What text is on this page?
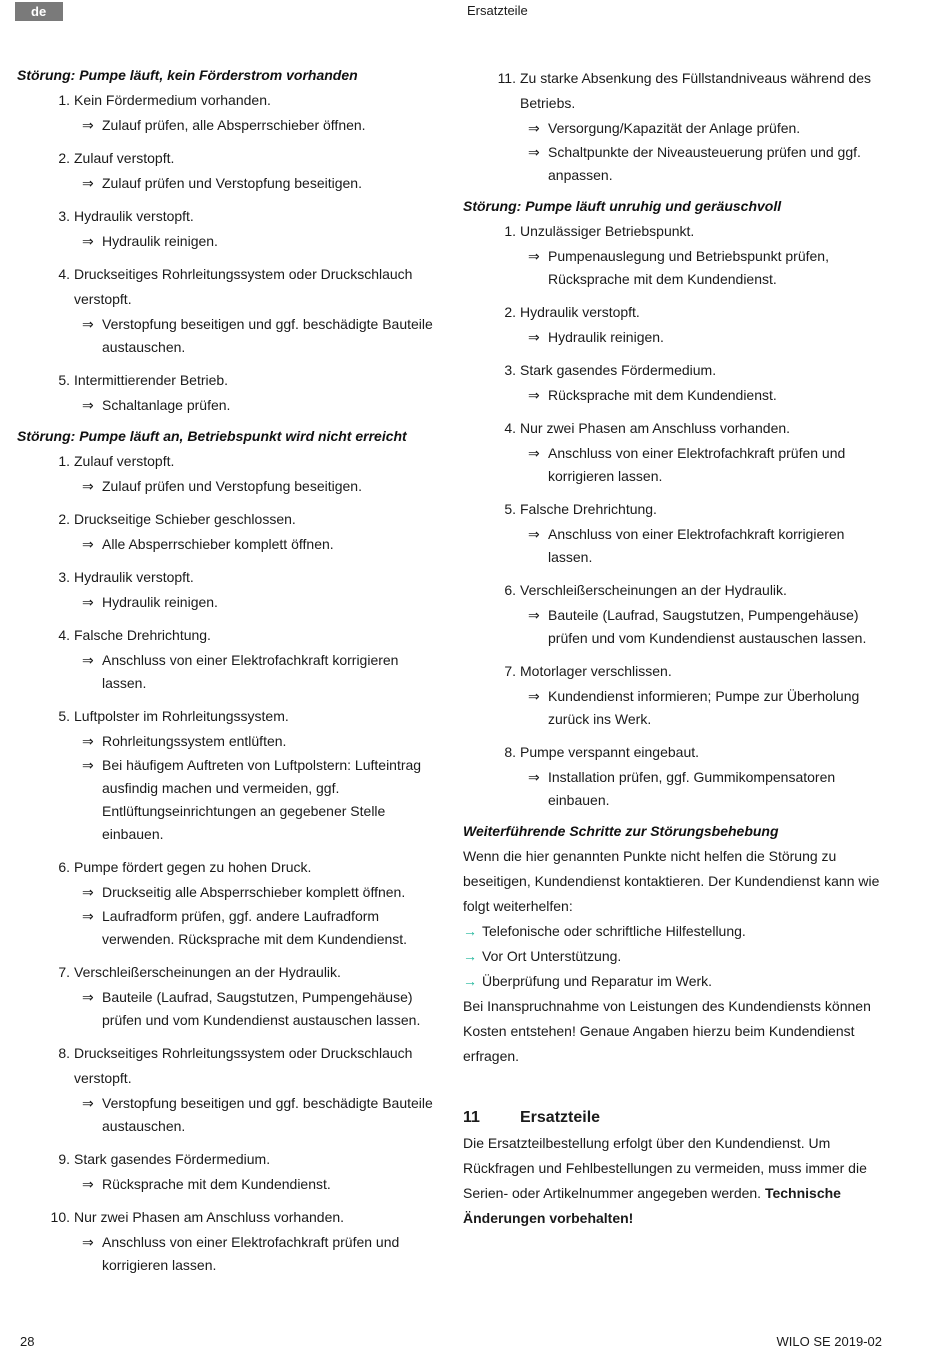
de	Ersatzteile
Störung: Pumpe läuft, kein Förderstrom vorhanden
1. Kein Fördermedium vorhanden.
⇒ Zulauf prüfen, alle Absperrschieber öffnen.
2. Zulauf verstopft.
⇒ Zulauf prüfen und Verstopfung beseitigen.
3. Hydraulik verstopft.
⇒ Hydraulik reinigen.
4. Druckseitiges Rohrleitungssystem oder Druckschlauch verstopft.
⇒ Verstopfung beseitigen und ggf. beschädigte Bauteile austauschen.
5. Intermittierender Betrieb.
⇒ Schaltanlage prüfen.
Störung: Pumpe läuft an, Betriebspunkt wird nicht erreicht
1. Zulauf verstopft.
⇒ Zulauf prüfen und Verstopfung beseitigen.
2. Druckseitige Schieber geschlossen.
⇒ Alle Absperrschieber komplett öffnen.
3. Hydraulik verstopft.
⇒ Hydraulik reinigen.
4. Falsche Drehrichtung.
⇒ Anschluss von einer Elektrofachkraft korrigieren lassen.
5. Luftpolster im Rohrleitungssystem.
⇒ Rohrleitungssystem entlüften.
⇒ Bei häufigem Auftreten von Luftpolstern: Lufteintrag ausfindig machen und vermeiden, ggf. Entlüftungseinrichtungen an gegebener Stelle einbauen.
6. Pumpe fördert gegen zu hohen Druck.
⇒ Druckseitig alle Absperrschieber komplett öffnen.
⇒ Laufradform prüfen, ggf. andere Laufradform verwenden. Rücksprache mit dem Kundendienst.
7. Verschleißerscheinungen an der Hydraulik.
⇒ Bauteile (Laufrad, Saugstutzen, Pumpengehäuse) prüfen und vom Kundendienst austauschen lassen.
8. Druckseitiges Rohrleitungssystem oder Druckschlauch verstopft.
⇒ Verstopfung beseitigen und ggf. beschädigte Bauteile austauschen.
9. Stark gasendes Fördermedium.
⇒ Rücksprache mit dem Kundendienst.
10. Nur zwei Phasen am Anschluss vorhanden.
⇒ Anschluss von einer Elektrofachkraft prüfen und korrigieren lassen.
11. Zu starke Absenkung des Füllstandniveaus während des Betriebs.
⇒ Versorgung/Kapazität der Anlage prüfen.
⇒ Schaltpunkte der Niveausteuerung prüfen und ggf. anpassen.
Störung: Pumpe läuft unruhig und geräuschvoll
1. Unzulässiger Betriebspunkt.
⇒ Pumpenauslegung und Betriebspunkt prüfen, Rücksprache mit dem Kundendienst.
2. Hydraulik verstopft.
⇒ Hydraulik reinigen.
3. Stark gasendes Fördermedium.
⇒ Rücksprache mit dem Kundendienst.
4. Nur zwei Phasen am Anschluss vorhanden.
⇒ Anschluss von einer Elektrofachkraft prüfen und korrigieren lassen.
5. Falsche Drehrichtung.
⇒ Anschluss von einer Elektrofachkraft korrigieren lassen.
6. Verschleißerscheinungen an der Hydraulik.
⇒ Bauteile (Laufrad, Saugstutzen, Pumpengehäuse) prüfen und vom Kundendienst austauschen lassen.
7. Motorlager verschlissen.
⇒ Kundendienst informieren; Pumpe zur Überholung zurück ins Werk.
8. Pumpe verspannt eingebaut.
⇒ Installation prüfen, ggf. Gummikompensatoren einbauen.
Weiterführende Schritte zur Störungsbehebung

Wenn die hier genannten Punkte nicht helfen die Störung zu beseitigen, Kundendienst kontaktieren. Der Kundendienst kann wie folgt weiterhelfen:

→ Telefonische oder schriftliche Hilfestellung.
→ Vor Ort Unterstützung.
→ Überprüfung und Reparatur im Werk.

Bei Inanspruchnahme von Leistungen des Kundendiensts können Kosten entstehen! Genaue Angaben hierzu beim Kundendienst erfragen.

11	Ersatzteile

Die Ersatzteilbestellung erfolgt über den Kundendienst. Um Rückfragen und Fehlbestellungen zu vermeiden, muss immer die Serien- oder Artikelnummer angegeben werden. Technische Änderungen vorbehalten!

28	WILO SE 2019-02
